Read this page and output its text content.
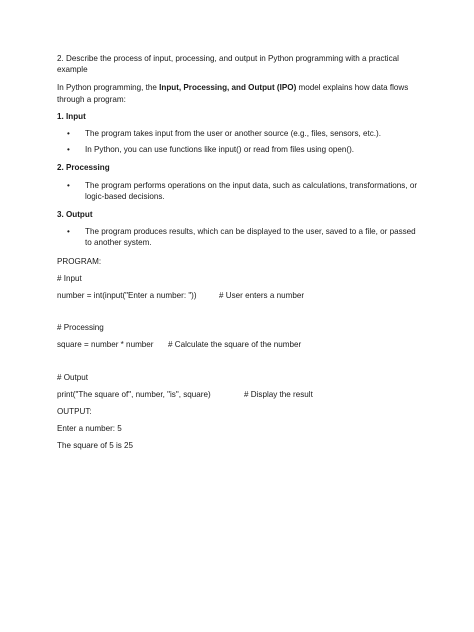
2. Describe the process of input, processing, and output in Python programming with a practical example

In Python programming, the Input, Processing, and Output (IPO) model explains how data flows through a program:

1. Input

• The program takes input from the user or another source (e.g., files, sensors, etc.).
• In Python, you can use functions like input() or read from files using open().

2. Processing

• The program performs operations on the input data, such as calculations, transformations, or logic-based decisions.

3. Output

• The program produces results, which can be displayed to the user, saved to a file, or passed to another system.

PROGRAM:

# Input

number = int(input("Enter a number: "))	# User enters a number

# Processing

square = number * number # Calculate the square of the number

# Output

print("The square of", number, "is", square)	# Display the result

OUTPUT:

Enter a number: 5

The square of 5 is 25
